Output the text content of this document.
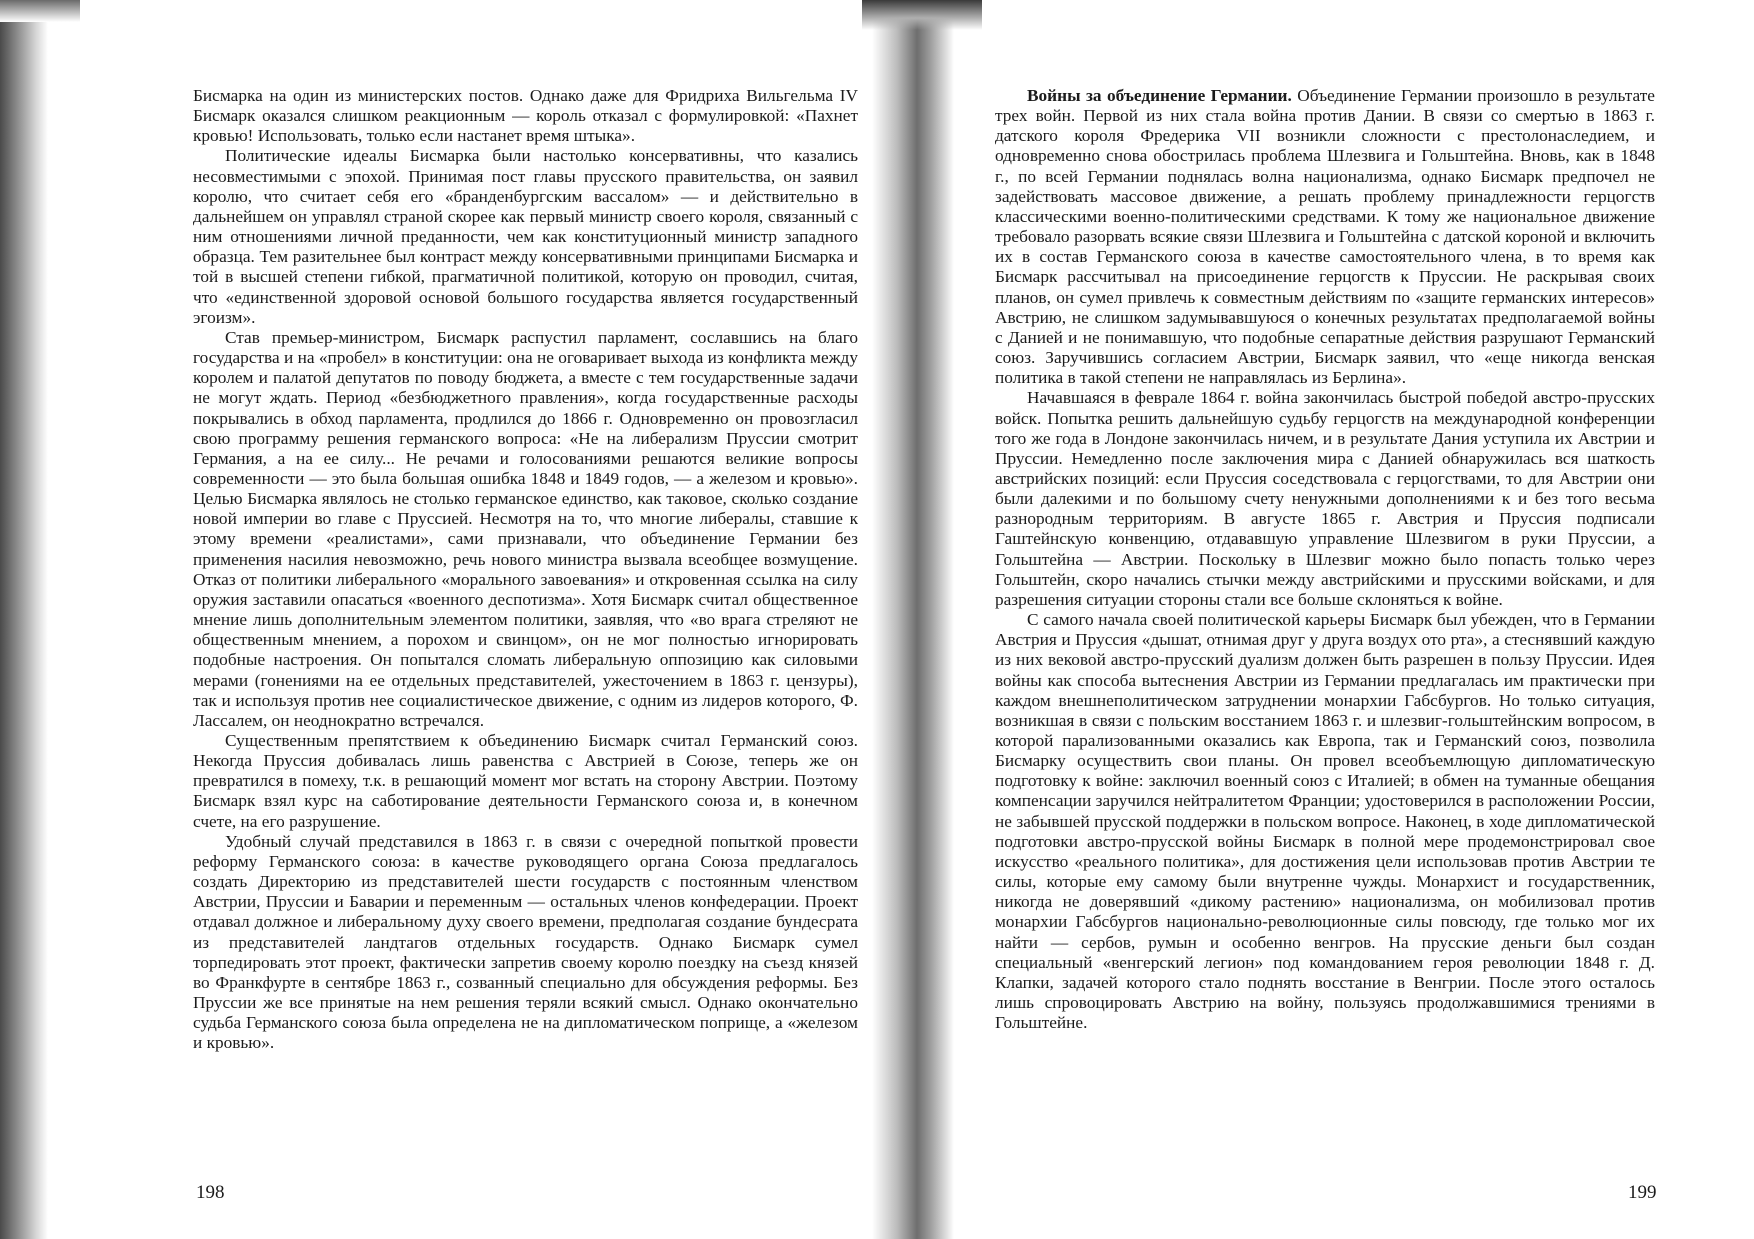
Бисмарка на один из министерских постов. Однако даже для Фридриха Вильгельма IV Бисмарк оказался слишком реакционным — король отказал с формулировкой: «Пахнет кровью! Использовать, только если настанет время штыка».

Политические идеалы Бисмарка были настолько консервативны, что казались несовместимыми с эпохой. Принимая пост главы прусского правительства, он заявил королю, что считает себя его «бранденбургским вассалом» — и действительно в дальнейшем он управлял страной скорее как первый министр своего короля, связанный с ним отношениями личной преданности, чем как конституционный министр западного образца. Тем разительнее был контраст между консервативными принципами Бисмарка и той в высшей степени гибкой, прагматичной политикой, которую он проводил, считая, что «единственной здоровой основой большого государства является государственный эгоизм».

Став премьер-министром, Бисмарк распустил парламент, сославшись на благо государства и на «пробел» в конституции: она не оговаривает выхода из конфликта между королем и палатой депутатов по поводу бюджета, а вместе с тем государственные задачи не могут ждать. Период «безбюджетного правления», когда государственные расходы покрывались в обход парламента, продлился до 1866 г. Одновременно он провозгласил свою программу решения германского вопроса: «Не на либерализм Пруссии смотрит Германия, а на ее силу... Не речами и голосованиями решаются великие вопросы современности — это была большая ошибка 1848 и 1849 годов, — а железом и кровью». Целью Бисмарка являлось не столько германское единство, как таковое, сколько создание новой империи во главе с Пруссией. Несмотря на то, что многие либералы, ставшие к этому времени «реалистами», сами признавали, что объединение Германии без применения насилия невозможно, речь нового министра вызвала всеобщее возмущение. Отказ от политики либерального «морального завоевания» и откровенная ссылка на силу оружия заставили опасаться «военного деспотизма». Хотя Бисмарк считал общественное мнение лишь дополнительным элементом политики, заявляя, что «во врага стреляют не общественным мнением, а порохом и свинцом», он не мог полностью игнорировать подобные настроения. Он попытался сломать либеральную оппозицию как силовыми мерами (гонениями на ее отдельных представителей, ужесточением в 1863 г. цензуры), так и используя против нее социалистическое движение, с одним из лидеров которого, Ф. Лассалем, он неоднократно встречался.

Существенным препятствием к объединению Бисмарк считал Германский союз. Некогда Пруссия добивалась лишь равенства с Австрией в Союзе, теперь же он превратился в помеху, т.к. в решающий момент мог встать на сторону Австрии. Поэтому Бисмарк взял курс на саботирование деятельности Германского союза и, в конечном счете, на его разрушение.

Удобный случай представился в 1863 г. в связи с очередной попыткой провести реформу Германского союза: в качестве руководящего органа Союза предлагалось создать Директорию из представителей шести государств с постоянным членством Австрии, Пруссии и Баварии и переменным — остальных членов конфедерации. Проект отдавал должное и либеральному духу своего времени, предполагая создание бундесрата из представителей ландтагов отдельных государств. Однако Бисмарк сумел торпедировать этот проект, фактически запретив своему королю поездку на съезд князей во Франкфурте в сентябре 1863 г., созванный специально для обсуждения реформы. Без Пруссии же все принятые на нем решения теряли всякий смысл. Однако окончательно судьба Германского союза была определена не на дипломатическом поприще, а «железом и кровью».

198

Войны за объединение Германии. Объединение Германии произошло в результате трех войн. Первой из них стала война против Дании. В связи со смертью в 1863 г. датского короля Фредерика VII возникли сложности с престолонаследием, и одновременно снова обострилась проблема Шлезвига и Гольштейна. Вновь, как в 1848 г., по всей Германии поднялась волна национализма, однако Бисмарк предпочел не задействовать массовое движение, а решать проблему принадлежности герцогств классическими военно-политическими средствами. К тому же национальное движение требовало разорвать всякие связи Шлезвига и Гольштейна с датской короной и включить их в состав Германского союза в качестве самостоятельного члена, в то время как Бисмарк рассчитывал на присоединение герцогств к Пруссии. Не раскрывая своих планов, он сумел привлечь к совместным действиям по «защите германских интересов» Австрию, не слишком задумывавшуюся о конечных результатах предполагаемой войны с Данией и не понимавшую, что подобные сепаратные действия разрушают Германский союз. Заручившись согласием Австрии, Бисмарк заявил, что «еще никогда венская политика в такой степени не направлялась из Берлина».

Начавшаяся в феврале 1864 г. война закончилась быстрой победой австро-прусских войск. Попытка решить дальнейшую судьбу герцогств на международной конференции того же года в Лондоне закончилась ничем, и в результате Дания уступила их Австрии и Пруссии. Немедленно после заключения мира с Данией обнаружилась вся шаткость австрийских позиций: если Пруссия соседствовала с герцогствами, то для Австрии они были далекими и по большому счету ненужными дополнениями к и без того весьма разнородным территориям. В августе 1865 г. Австрия и Пруссия подписали Гаштейнскую конвенцию, отдававшую управление Шлезвигом в руки Пруссии, а Гольштейна — Австрии. Поскольку в Шлезвиг можно было попасть только через Гольштейн, скоро начались стычки между австрийскими и прусскими войсками, и для разрешения ситуации стороны стали все больше склоняться к войне.

С самого начала своей политической карьеры Бисмарк был убежден, что в Германии Австрия и Пруссия «дышат, отнимая друг у друга воздух ото рта», а стеснявший каждую из них вековой австро-прусский дуализм должен быть разрешен в пользу Пруссии. Идея войны как способа вытеснения Австрии из Германии предлагалась им практически при каждом внешнеполитическом затруднении монархии Габсбургов. Но только ситуация, возникшая в связи с польским восстанием 1863 г. и шлезвиг-гольштейнским вопросом, в которой парализованными оказались как Европа, так и Германский союз, позволила Бисмарку осуществить свои планы. Он провел всеобъемлющую дипломатическую подготовку к войне: заключил военный союз с Италией; в обмен на туманные обещания компенсации заручился нейтралитетом Франции; удостоверился в расположении России, не забывшей прусской поддержки в польском вопросе. Наконец, в ходе дипломатической подготовки австро-прусской войны Бисмарк в полной мере продемонстрировал свое искусство «реального политика», для достижения цели использовав против Австрии те силы, которые ему самому были внутренне чужды. Монархист и государственник, никогда не доверявший «дикому растению» национализма, он мобилизовал против монархии Габсбургов национально-революционные силы повсюду, где только мог их найти — сербов, румын и особенно венгров. На прусские деньги был создан специальный «венгерский легион» под командованием героя революции 1848 г. Д. Клапки, задачей которого стало поднять восстание в Венгрии. После этого осталось лишь спровоцировать Австрию на войну, пользуясь продолжавшимися трениями в Гольштейне.

199
